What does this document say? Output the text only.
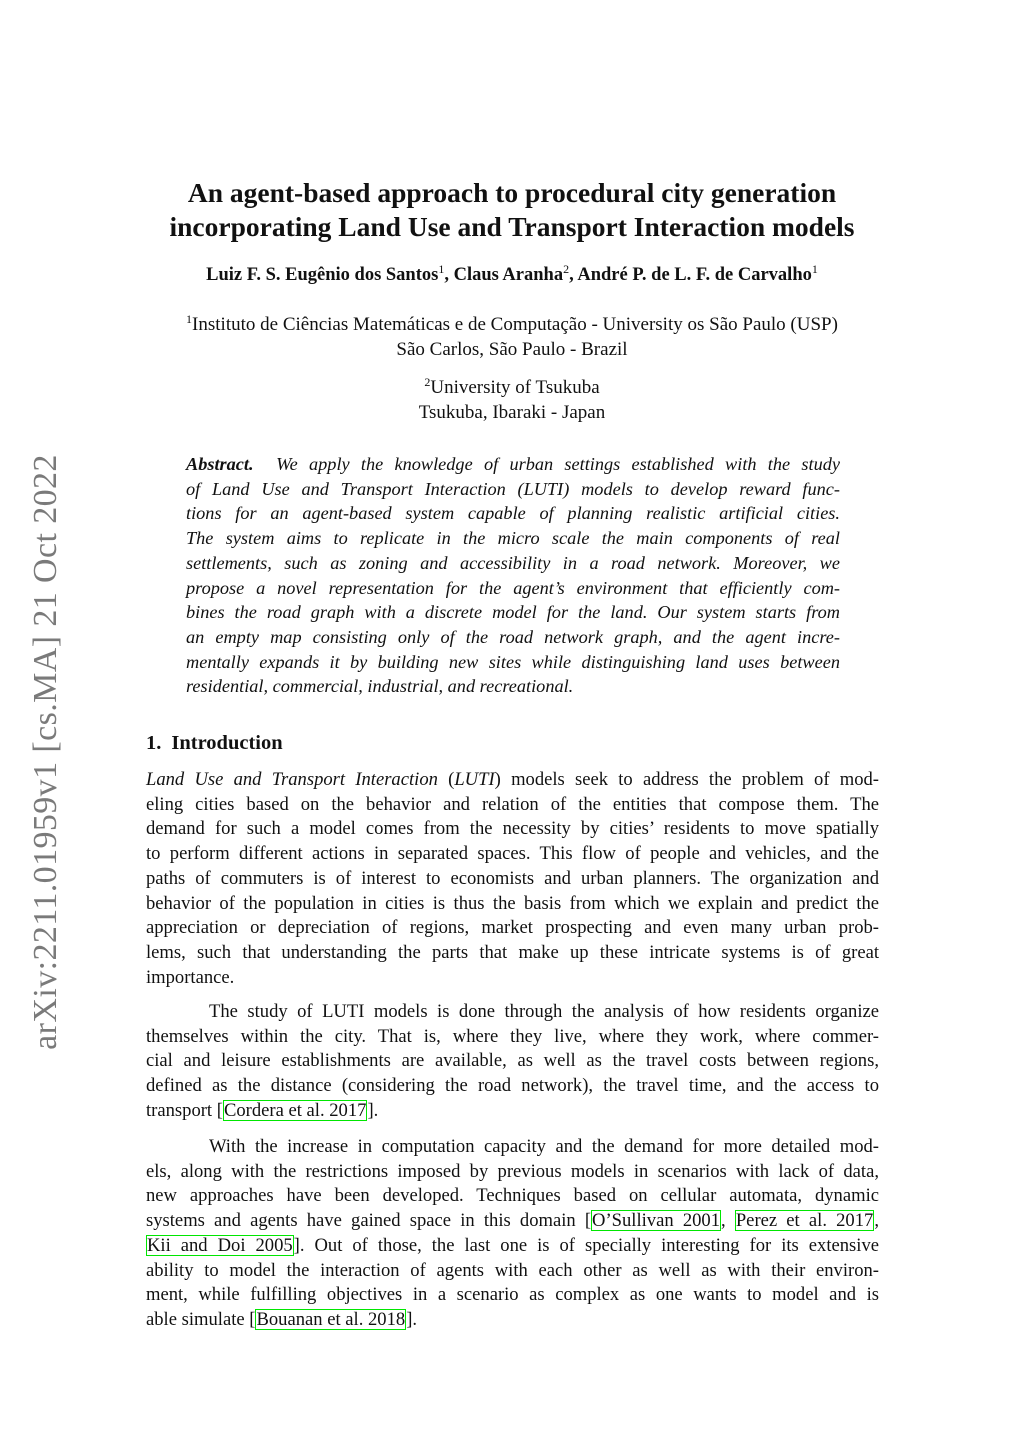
arXiv:2211.01959v1 [cs.MA] 21 Oct 2022
An agent-based approach to procedural city generation
incorporating Land Use and Transport Interaction models
Luiz F. S. Eugênio dos Santos$^1$, Claus Aranha$^2$, André P. de L. F. de Carvalho$^1$
$^1$Instituto de Ciências Matemáticas e de Computação - University os São Paulo (USP)
São Carlos, São Paulo - Brazil
$^2$University of Tsukuba
Tsukuba, Ibaraki - Japan
Abstract. We apply the knowledge of urban settings established with the study
of Land Use and Transport Interaction (LUTI) models to develop reward func-
tions for an agent-based system capable of planning realistic artificial cities.
The system aims to replicate in the micro scale the main components of real
settlements, such as zoning and accessibility in a road network. Moreover, we
propose a novel representation for the agent’s environment that efficiently com-
bines the road graph with a discrete model for the land. Our system starts from
an empty map consisting only of the road network graph, and the agent incre-
mentally expands it by building new sites while distinguishing land uses between
residential, commercial, industrial, and recreational.
1. Introduction
Land Use and Transport Interaction (LUTI) models seek to address the problem of mod-
eling cities based on the behavior and relation of the entities that compose them. The
demand for such a model comes from the necessity by cities’ residents to move spatially
to perform different actions in separated spaces. This flow of people and vehicles, and the
paths of commuters is of interest to economists and urban planners. The organization and
behavior of the population in cities is thus the basis from which we explain and predict the
appreciation or depreciation of regions, market prospecting and even many urban prob-
lems, such that understanding the parts that make up these intricate systems is of great
importance.
The study of LUTI models is done through the analysis of how residents organize
themselves within the city. That is, where they live, where they work, where commer-
cial and leisure establishments are available, as well as the travel costs between regions,
defined as the distance (considering the road network), the travel time, and the access to
transport [Cordera et al. 2017].
With the increase in computation capacity and the demand for more detailed mod-
els, along with the restrictions imposed by previous models in scenarios with lack of data,
new approaches have been developed. Techniques based on cellular automata, dynamic
systems and agents have gained space in this domain [O’Sullivan 2001, Perez et al. 2017,
Kii and Doi 2005]. Out of those, the last one is of specially interesting for its extensive
ability to model the interaction of agents with each other as well as with their environ-
ment, while fulfilling objectives in a scenario as complex as one wants to model and is
able simulate [Bouanan et al. 2018].
